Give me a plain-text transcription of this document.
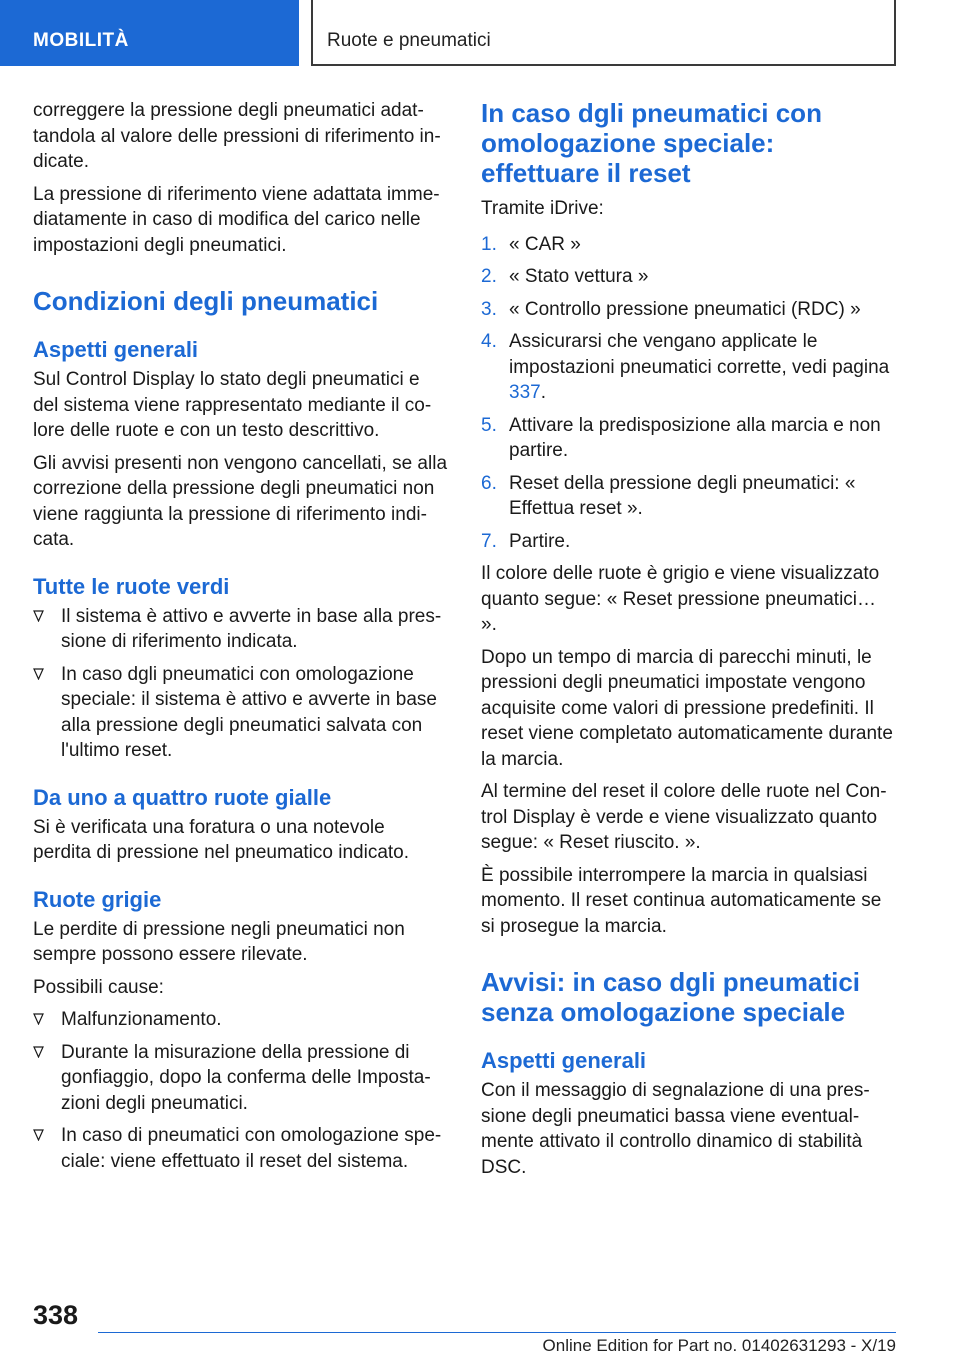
MOBILITÀ	Ruote e pneumatici

correggere la pressione degli pneumatici adattandola al valore delle pressioni di riferimento indicate.

La pressione di riferimento viene adattata immediatamente in caso di modifica del carico nelle impostazioni degli pneumatici.

Condizioni degli pneumatici
Aspetti generali

Sul Control Display lo stato degli pneumatici e del sistema viene rappresentato mediante il colore delle ruote e con un testo descrittivo.

Gli avvisi presenti non vengono cancellati, se alla correzione della pressione degli pneumatici non viene raggiunta la pressione di riferimento indicata.

Tutte le ruote verdi
Il sistema è attivo e avverte in base alla pressione di riferimento indicata.
In caso dgli pneumatici con omologazione speciale: il sistema è attivo e avverte in base alla pressione degli pneumatici salvata con l'ultimo reset.
Da uno a quattro ruote gialle

Si è verificata una foratura o una notevole perdita di pressione nel pneumatico indicato.

Ruote grigie

Le perdite di pressione negli pneumatici non sempre possono essere rilevate.

Possibili cause:

Malfunzionamento.
Durante la misurazione della pressione di gonfiaggio, dopo la conferma delle Impostazioni degli pneumatici.
In caso di pneumatici con omologazione speciale: viene effettuato il reset del sistema.
In caso dgli pneumatici con omologazione speciale: effettuare il reset

Tramite iDrive:

1. « CAR »
2. « Stato vettura »
3. « Controllo pressione pneumatici (RDC) »
4. Assicurarsi che vengano applicate le impostazioni pneumatici corrette, vedi pagina 337.
5. Attivare la predisposizione alla marcia e non partire.
6. Reset della pressione degli pneumatici: « Effettua reset ».
7. Partire.

Il colore delle ruote è grigio e viene visualizzato quanto segue: « Reset pressione pneumatici… ».

Dopo un tempo di marcia di parecchi minuti, le pressioni degli pneumatici impostate vengono acquisite come valori di pressione predefiniti. Il reset viene completato automaticamente durante la marcia.

Al termine del reset il colore delle ruote nel Control Display è verde e viene visualizzato quanto segue: « Reset riuscito. ».

È possibile interrompere la marcia in qualsiasi momento. Il reset continua automaticamente se si prosegue la marcia.

Avvisi: in caso dgli pneumatici senza omologazione speciale
Aspetti generali

Con il messaggio di segnalazione di una pressione degli pneumatici bassa viene eventualmente attivato il controllo dinamico di stabilità DSC.

338
Online Edition for Part no. 01402631293 - X/19
